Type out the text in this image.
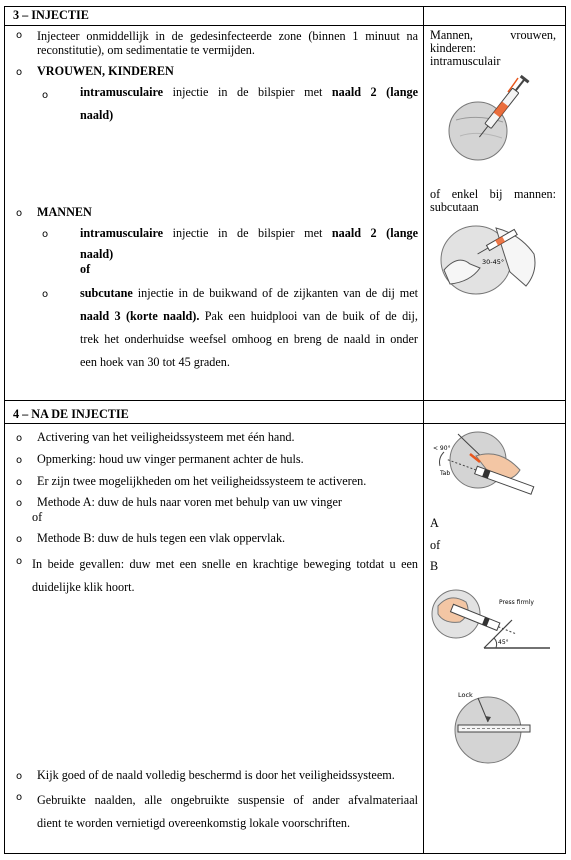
3 – INJECTIE
o Injecteer onmiddellijk in de gedesinfecteerde zone (binnen 1 minuut na
reconstitutie), om sedimentatie te vermijden.
o VROUWEN, KINDEREN
o	intramusculaire injectie in de bilspier met naald 2 (lange
naald)
o MANNEN
o	intramusculaire injectie in de bilspier met naald 2 (lange
naald)
of
o	subcutane injectie in de buikwand of de zijkanten van de dij met
naald 3 (korte naald). Pak een huidplooi van de buik of de dij,
trek het onderhuidse weefsel omhoog en breng de naald in onder
een hoek van 30 tot 45 graden.
Mannen,	vrouwen,
kinderen:
intramusculair
of enkel bij mannen:
subcutaan
30-45°
4 – NA DE INJECTIE
o Activering van het veiligheidssysteem met één hand.
o Opmerking: houd uw vinger permanent achter de huls.
o Er zijn twee mogelijkheden om het veiligheidssysteem te activeren.
o Methode A: duw de huls naar voren met behulp van uw vinger
of
o Methode B: duw de huls tegen een vlak oppervlak.
o In beide gevallen: duw met een snelle en krachtige beweging totdat u een
duidelijke klik hoort.
o Kijk goed of de naald volledig beschermd is door het veiligheidssysteem.
o Gebruikte naalden, alle ongebruikte suspensie of ander afvalmateriaal
dient te worden vernietigd overeenkomstig lokale voorschriften.
< 90°
Tab
A
of
B
Press firmly
45°
Lock
